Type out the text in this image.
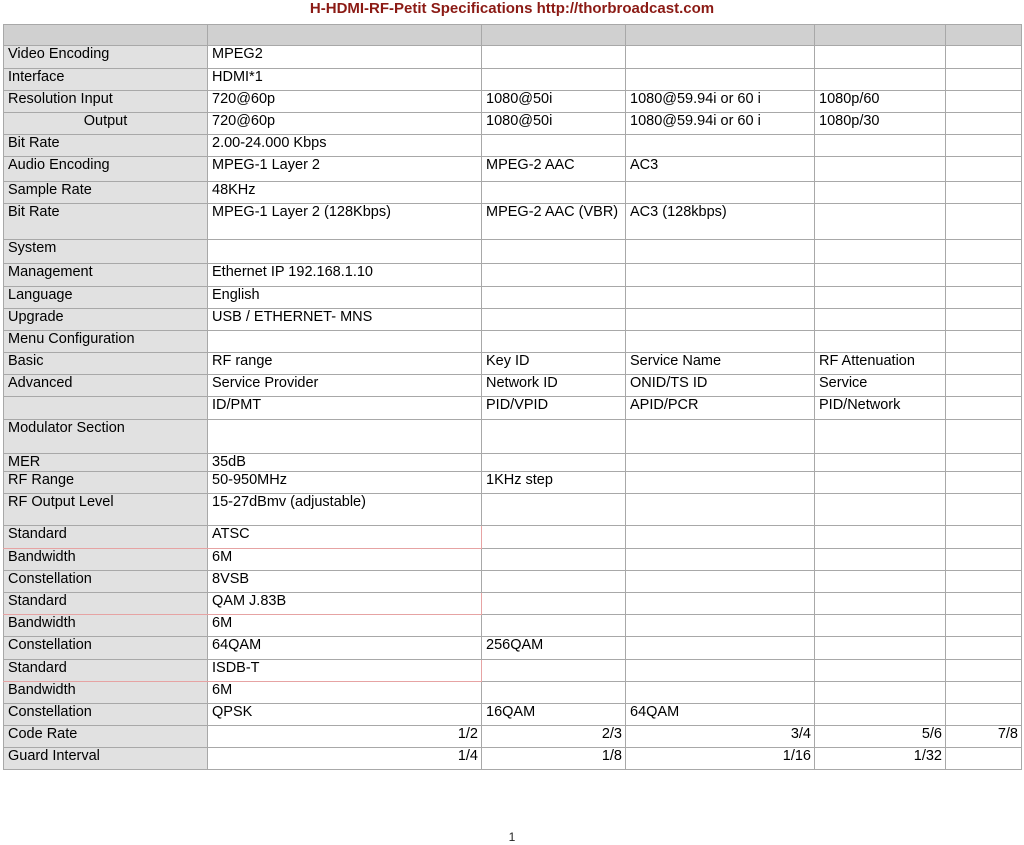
H-HDMI-RF-Petit Specifications http://thorbroadcast.com

Video Encoding	MPEG2				
Interface	HDMI*1				
Resolution Input	720@60p	1080@50i	1080@59.94i or 60 i	1080p/60	
Output	720@60p	1080@50i	1080@59.94i or 60 i	1080p/30	
Bit Rate	2.00-24.000 Kbps				
Audio Encoding	MPEG-1 Layer 2	MPEG-2 AAC	AC3		
Sample Rate	48KHz				
Bit Rate	MPEG-1 Layer 2 (128Kbps)	MPEG-2 AAC (VBR)	AC3 (128kbps)		
System					
Management	Ethernet IP 192.168.1.10				
Language	English				
Upgrade	USB / ETHERNET- MNS				
Menu Configuration					
Basic	RF range	Key ID	Service Name	RF Attenuation	
Advanced	Service Provider	Network ID	ONID/TS ID	Service	
	ID/PMT	PID/VPID	APID/PCR	PID/Network	
Modulator Section					
MER	35dB				
RF Range	50-950MHz	1KHz step			
RF Output Level	15-27dBmv (adjustable)				
Standard	ATSC				
Bandwidth	6M				
Constellation	8VSB				
Standard	QAM J.83B				
Bandwidth	6M				
Constellation	64QAM	256QAM			
Standard	ISDB-T				
Bandwidth	6M				
Constellation	QPSK	16QAM	64QAM		
Code Rate	1/2	2/3	3/4	5/6	7/8
Guard Interval	1/4	1/8	1/16	1/32	
1
